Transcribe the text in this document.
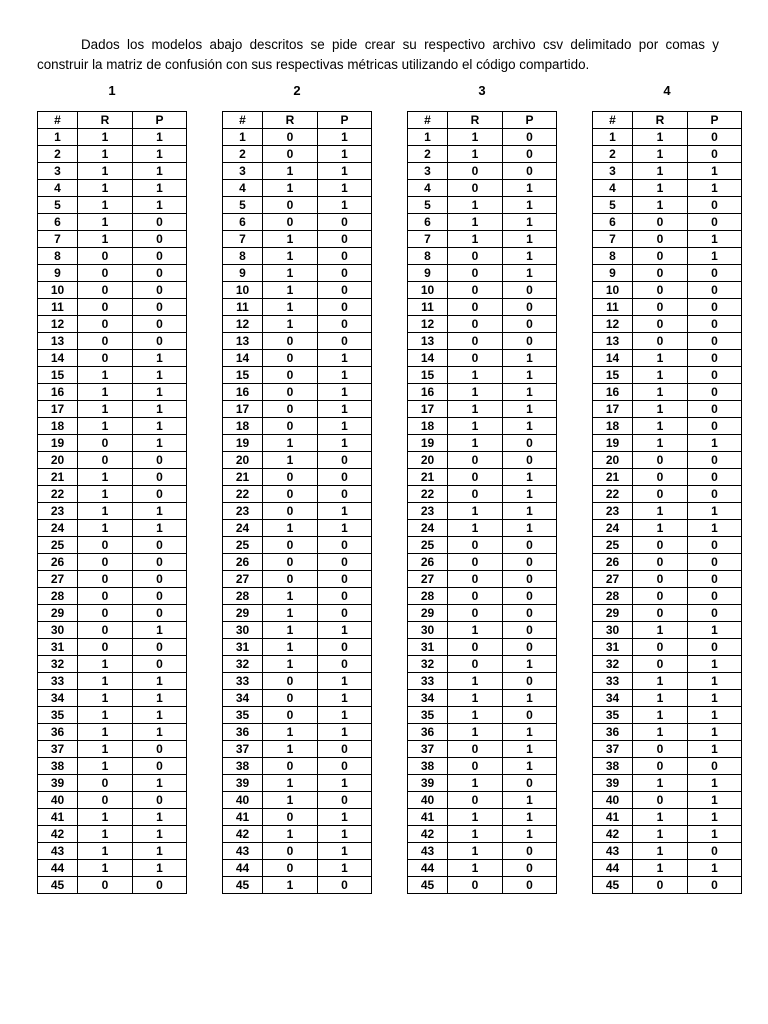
Dados los modelos abajo descritos se pide crear su respectivo archivo csv delimitado por comas y construir la matriz de confusión con sus respectivas métricas utilizando el código compartido.

1
#	R	P
1	1	1
2	1	1
3	1	1
4	1	1
5	1	1
6	1	0
7	1	0
8	0	0
9	0	0
10	0	0
11	0	0
12	0	0
13	0	0
14	0	1
15	1	1
16	1	1
17	1	1
18	1	1
19	0	1
20	0	0
21	1	0
22	1	0
23	1	1
24	1	1
25	0	0
26	0	0
27	0	0
28	0	0
29	0	0
30	0	1
31	0	0
32	1	0
33	1	1
34	1	1
35	1	1
36	1	1
37	1	0
38	1	0
39	0	1
40	0	0
41	1	1
42	1	1
43	1	1
44	1	1
45	0	0
2
#	R	P
1	0	1
2	0	1
3	1	1
4	1	1
5	0	1
6	0	0
7	1	0
8	1	0
9	1	0
10	1	0
11	1	0
12	1	0
13	0	0
14	0	1
15	0	1
16	0	1
17	0	1
18	0	1
19	1	1
20	1	0
21	0	0
22	0	0
23	0	1
24	1	1
25	0	0
26	0	0
27	0	0
28	1	0
29	1	0
30	1	1
31	1	0
32	1	0
33	0	1
34	0	1
35	0	1
36	1	1
37	1	0
38	0	0
39	1	1
40	1	0
41	0	1
42	1	1
43	0	1
44	0	1
45	1	0
3
#	R	P
1	1	0
2	1	0
3	0	0
4	0	1
5	1	1
6	1	1
7	1	1
8	0	1
9	0	1
10	0	0
11	0	0
12	0	0
13	0	0
14	0	1
15	1	1
16	1	1
17	1	1
18	1	1
19	1	0
20	0	0
21	0	1
22	0	1
23	1	1
24	1	1
25	0	0
26	0	0
27	0	0
28	0	0
29	0	0
30	1	0
31	0	0
32	0	1
33	1	0
34	1	1
35	1	0
36	1	1
37	0	1
38	0	1
39	1	0
40	0	1
41	1	1
42	1	1
43	1	0
44	1	0
45	0	0
4
#	R	P
1	1	0
2	1	0
3	1	1
4	1	1
5	1	0
6	0	0
7	0	1
8	0	1
9	0	0
10	0	0
11	0	0
12	0	0
13	0	0
14	1	0
15	1	0
16	1	0
17	1	0
18	1	0
19	1	1
20	0	0
21	0	0
22	0	0
23	1	1
24	1	1
25	0	0
26	0	0
27	0	0
28	0	0
29	0	0
30	1	1
31	0	0
32	0	1
33	1	1
34	1	1
35	1	1
36	1	1
37	0	1
38	0	0
39	1	1
40	0	1
41	1	1
42	1	1
43	1	0
44	1	1
45	0	0
